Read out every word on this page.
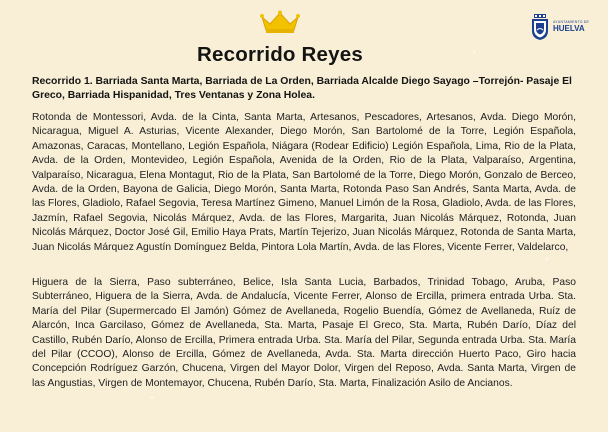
AYUNTAMIENTO DE
HUELVA
Recorrido Reyes
Recorrido 1. Barriada Santa Marta, Barriada de La Orden, Barriada Alcalde Diego Sayago –Torrejón- Pasaje El Greco, Barriada Hispanidad, Tres Ventanas y Zona Holea.

Rotonda de Montessori, Avda. de la Cinta, Santa Marta, Artesanos, Pescadores, Artesanos, Avda. Diego Morón, Nicaragua, Miguel A. Asturias, Vicente Alexander, Diego Morón, San Bartolomé de la Torre, Legión Española, Amazonas, Caracas, Montellano, Legión Española, Niágara (Rodear Edificio) Legión Española, Lima, Rio de la Plata, Avda. de la Orden, Montevideo, Legión Española, Avenida de la Orden, Rio de la Plata, Valparaíso, Argentina, Valparaíso, Nicaragua, Elena Montagut, Rio de la Plata, San Bartolomé de la Torre, Diego Morón, Gonzalo de Berceo, Avda. de la Orden, Bayona de Galicia, Diego Morón, Santa Marta, Rotonda Paso San Andrés, Santa Marta, Avda. de las Flores, Gladiolo, Rafael Segovia, Teresa Martínez Gimeno, Manuel Limón de la Rosa, Gladiolo, Avda. de las Flores, Jazmín, Rafael Segovia, Nicolás Márquez, Avda. de las Flores, Margarita, Juan Nicolás Márquez, Rotonda, Juan Nicolás Márquez, Doctor José Gil, Emilio Haya Prats, Martín Tejerizo, Juan Nicolás Márquez, Rotonda de Santa Marta, Juan Nicolás Márquez Agustín Domínguez Belda, Pintora Lola Martín, Avda. de las Flores, Vicente Ferrer, Valdelarco,

Higuera de la Sierra, Paso subterráneo, Belice, Isla Santa Lucia, Barbados, Trinidad Tobago, Aruba, Paso Subterráneo, Higuera de la Sierra, Avda. de Andalucía, Vicente Ferrer, Alonso de Ercilla, primera entrada Urba. Sta. María del Pilar (Supermercado El Jamón) Gómez de Avellaneda, Rogelio Buendía, Gómez de Avellaneda, Ruíz de Alarcón, Inca Garcilaso, Gómez de Avellaneda, Sta. Marta, Pasaje El Greco, Sta. Marta, Rubén Darío, Díaz del Castillo, Rubén Darío, Alonso de Ercilla, Primera entrada Urba. Sta. María del Pilar, Segunda entrada Urba. Sta. María del Pilar (CCOO), Alonso de Ercilla, Gómez de Avellaneda, Avda. Sta. Marta dirección Huerto Paco, Giro hacia Concepción Rodríguez Garzón, Chucena, Virgen del Mayor Dolor, Virgen del Reposo, Avda. Santa Marta, Virgen de las Angustias, Virgen de Montemayor, Chucena, Rubén Darío, Sta. Marta, Finalización Asilo de Ancianos.
